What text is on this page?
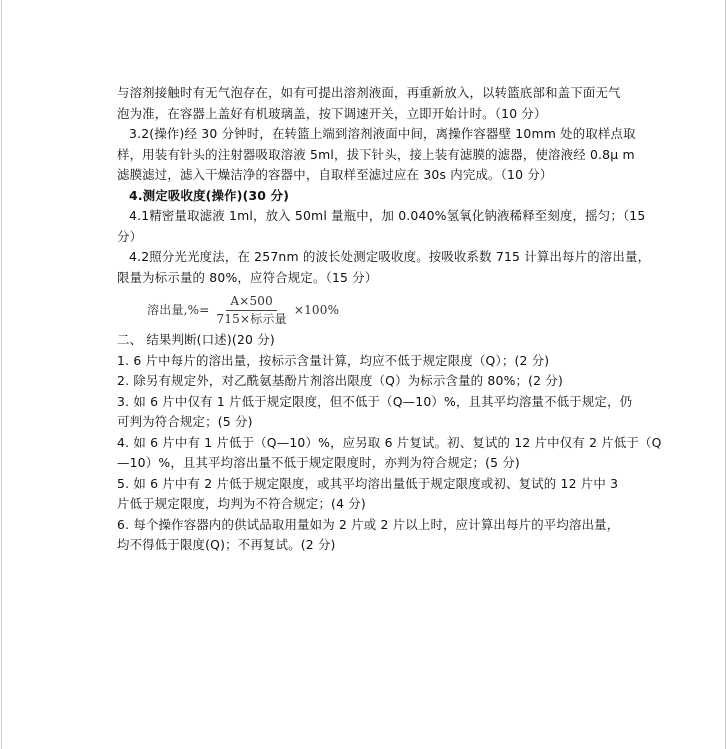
与溶剂接触时有无气泡存在，如有可提出溶剂液面，再重新放入，以转篮底部和盖下面无气
泡为准，在容器上盖好有机玻璃盖，按下调速开关，立即开始计时。（10 分）
3.2(操作)经 30 分钟时，在转篮上端到溶剂液面中间，离操作容器壁 10mm 处的取样点取
样，用装有针头的注射器吸取溶液 5ml，拔下针头，接上装有滤膜的滤器，使溶液经 0.8μ m
滤膜滤过，滤入干燥洁净的容器中，自取样至滤过应在 30s 内完成。（10 分）
4.测定吸收度(操作)(30 分)
4.1精密量取滤液 1ml，放入 50ml 量瓶中，加 0.040%氢氧化钠液稀释至刻度，摇匀；（15
分）
4.2照分光光度法，在 257nm 的波长处测定吸收度。按吸收系数 715 计算出每片的溶出量，
限量为标示量的 80%，应符合规定。（15 分）
溶出量,%= $\frac{A\times 500}{\text{715×标示量}} \times 100\%$
二、 结果判断(口述)(20 分)
1. 6 片中每片的溶出量，按标示含量计算，均应不低于规定限度（Q）；(2 分)
2. 除另有规定外，对乙酰氨基酚片剂溶出限度（Q）为标示含量的 80%；(2 分)
3. 如 6 片中仅有 1 片低于规定限度，但不低于（Q—10）%，且其平均溶量不低于规定，仍
可判为符合规定；(5 分)
4. 如 6 片中有 1 片低于（Q—10）%，应另取 6 片复试。初、复试的 12 片中仅有 2 片低于（Q
—10）%，且其平均溶出量不低于规定限度时，亦判为符合规定；(5 分)
5. 如 6 片中有 2 片低于规定限度，或其平均溶出量低于规定限度或初、复试的 12 片中 3
片低于规定限度，均判为不符合规定；(4 分)
6. 每个操作容器内的供试品取用量如为 2 片或 2 片以上时，应计算出每片的平均溶出量，
均不得低于限度(Q)；不再复试。(2 分)
